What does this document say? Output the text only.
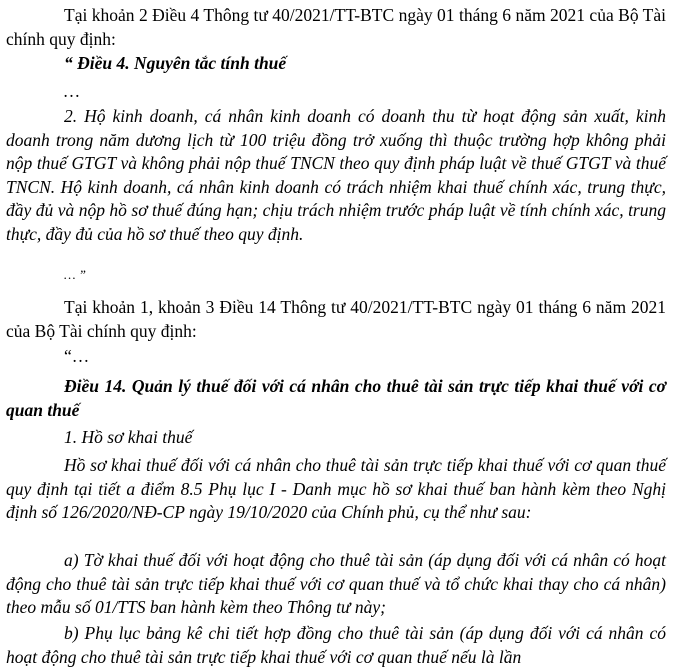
Tại khoản 2 Điều 4 Thông tư 40/2021/TT-BTC ngày 01 tháng 6 năm 2021 của Bộ Tài chính quy định:
“ Điều 4. Nguyên tắc tính thuế
…
2. Hộ kinh doanh, cá nhân kinh doanh có doanh thu từ hoạt động sản xuất, kinh doanh trong năm dương lịch từ 100 triệu đồng trở xuống thì thuộc trường hợp không phải nộp thuế GTGT và không phải nộp thuế TNCN theo quy định pháp luật về thuế GTGT và thuế TNCN. Hộ kinh doanh, cá nhân kinh doanh có trách nhiệm khai thuế chính xác, trung thực, đầy đủ và nộp hồ sơ thuế đúng hạn; chịu trách nhiệm trước pháp luật về tính chính xác, trung thực, đầy đủ của hồ sơ thuế theo quy định.
… ”
Tại khoản 1, khoản 3 Điều 14 Thông tư 40/2021/TT-BTC ngày 01 tháng 6 năm 2021 của Bộ Tài chính quy định:
“…
Điều 14. Quản lý thuế đối với cá nhân cho thuê tài sản trực tiếp khai thuế với cơ quan thuế
1. Hồ sơ khai thuế
Hồ sơ khai thuế đối với cá nhân cho thuê tài sản trực tiếp khai thuế với cơ quan thuế quy định tại tiết a điểm 8.5 Phụ lục I - Danh mục hồ sơ khai thuế ban hành kèm theo Nghị định số 126/2020/NĐ-CP ngày 19/10/2020 của Chính phủ, cụ thể như sau:
a) Tờ khai thuế đối với hoạt động cho thuê tài sản (áp dụng đối với cá nhân có hoạt động cho thuê tài sản trực tiếp khai thuế với cơ quan thuế và tổ chức khai thay cho cá nhân) theo mẫu số 01/TTS ban hành kèm theo Thông tư này;
b) Phụ lục bảng kê chi tiết hợp đồng cho thuê tài sản (áp dụng đối với cá nhân có hoạt động cho thuê tài sản trực tiếp khai thuế với cơ quan thuế nếu là lần
